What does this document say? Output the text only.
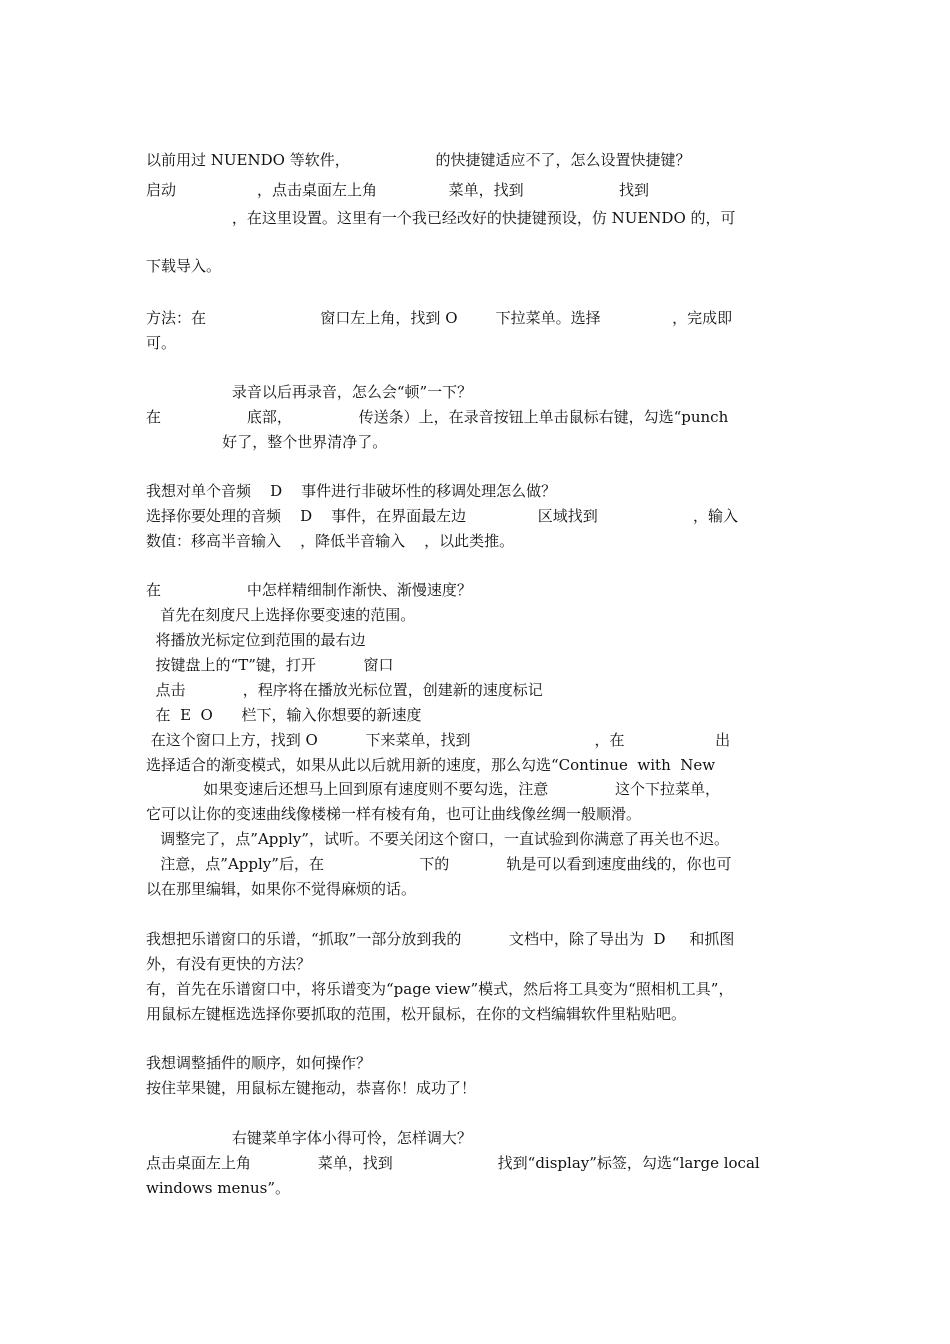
以前用过 NUENDO 等软件，                  的快捷键适应不了，怎么设置快捷键？
启动                 ，点击桌面左上角               菜单，找到                    找到
，在这里设置。这里有一个我已经改好的快捷键预设，仿 NUENDO 的，可
下载导入。
方法：在                        窗口左上角，找到 O        下拉菜单。选择               ，完成即
可。
录音以后再录音，怎么会“顿”一下？
在                  底部，              传送条）上，在录音按钮上单击鼠标右键，勾选“punch
好了，整个世界清净了。
我想对单个音频    D    事件进行非破坏性的移调处理怎么做？
选择你要处理的音频    D    事件，在界面最左边               区域找到                    ，输入
数值：移高半音输入    ，降低半音输入    ，以此类推。
在                  中怎样精细制作渐快、渐慢速度？
首先在刻度尺上选择你要变速的范围。
将播放光标定位到范围的最右边
按键盘上的“T”键，打开          窗口
点击            ，程序将在播放光标位置，创建新的速度标记
在  E  O      栏下，输入你想要的新速度
在这个窗口上方，找到 O          下来菜单，找到                          ，在                   出
选择适合的渐变模式，如果从此以后就用新的速度，那么勾选“Continue  with  New
如果变速后还想马上回到原有速度则不要勾选，注意              这个下拉菜单，
它可以让你的变速曲线像楼梯一样有棱有角，也可让曲线像丝绸一般顺滑。
调整完了，点”Apply”，试听。不要关闭这个窗口，一直试验到你满意了再关也不迟。
注意，点”Apply”后，在                    下的            轨是可以看到速度曲线的，你也可
以在那里编辑，如果你不觉得麻烦的话。
我想把乐谱窗口的乐谱，“抓取”一部分放到我的          文档中，除了导出为  D     和抓图
外，有没有更快的方法？
有，首先在乐谱窗口中，将乐谱变为“page view”模式，然后将工具变为“照相机工具”，
用鼠标左键框选选择你要抓取的范围，松开鼠标，在你的文档编辑软件里粘贴吧。
我想调整插件的顺序，如何操作？
按住苹果键，用鼠标左键拖动，恭喜你！成功了！
右键菜单字体小得可怜，怎样调大？
点击桌面左上角              菜单，找到                      找到“display”标签，勾选“large local
windows menus”。
